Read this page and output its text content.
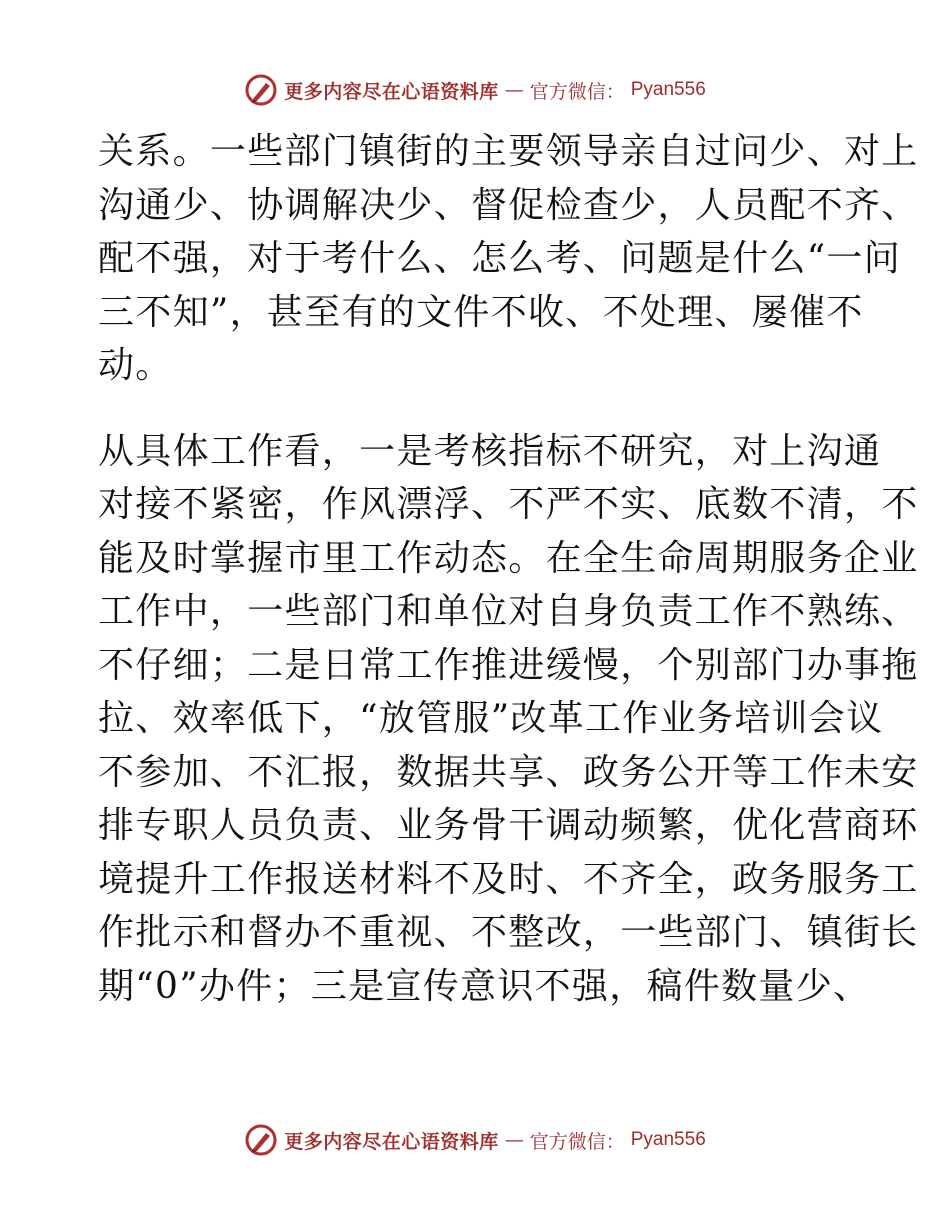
更多内容尽在心语资料库 — 官方微信： Pyan556
关系。一些部门镇街的主要领导亲自过问少、对上
沟通少、协调解决少、督促检查少，人员配不齐、
配不强，对于考什么、怎么考、问题是什么“一问
三不知”，甚至有的文件不收、不处理、屡催不
动。
从具体工作看，一是考核指标不研究，对上沟通
对接不紧密，作风漂浮、不严不实、底数不清，不
能及时掌握市里工作动态。在全生命周期服务企业
工作中，一些部门和单位对自身负责工作不熟练、
不仔细；二是日常工作推进缓慢，个别部门办事拖
拉、效率低下，“放管服”改革工作业务培训会议
不参加、不汇报，数据共享、政务公开等工作未安
排专职人员负责、业务骨干调动频繁，优化营商环
境提升工作报送材料不及时、不齐全，政务服务工
作批示和督办不重视、不整改，一些部门、镇街长
期“0”办件；三是宣传意识不强，稿件数量少、
更多内容尽在心语资料库 — 官方微信： Pyan556
